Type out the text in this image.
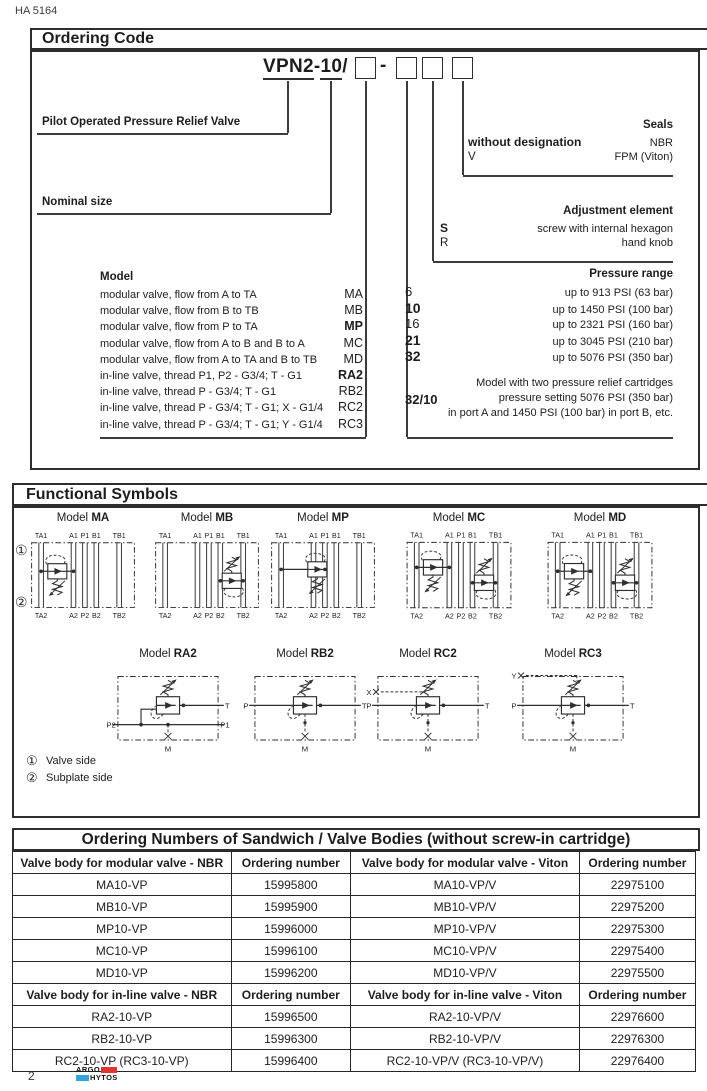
HA 5164
Ordering Code
VPN2-10/ -
Pilot Operated Pressure Relief Valve
Nominal size
Seals
without designation	NBR
V	FPM (Viton)
Adjustment element
S	screw with internal hexagon
R	hand knob
Pressure range
6	up to 913 PSI (63 bar)
10	up to 1450 PSI (100 bar)
16	up to 2321 PSI (160 bar)
21	up to 3045 PSI (210 bar)
32	up to 5076 PSI (350 bar)
Model with two pressure relief cartridges
32/10	pressure setting 5076 PSI (350 bar)
in port A and 1450 PSI (100 bar) in port B, etc.
Model
modular valve, flow from A to TA	MA
modular valve, flow from B to TB	MB
modular valve, flow from P to TA	MP
modular valve, flow from A to B and B to A	MC
modular valve, flow from A to TA and B to TB MD
in-line valve, thread P1, P2 - G3/4; T - G1	RA2
in-line valve, thread P - G3/4; T - G1	RB2
in-line valve, thread P - G3/4; T - G1; X - G1/4 RC2
in-line valve, thread P - G3/4; T - G1; Y - G1/4 RC3
Functional Symbols
①
②
Model MA
TA1
TA2
A1
A2
P1
P2
B1
B2
TB1
TB2
Model MB
TA1
TA2
A1
A2
P1
P2
B1
B2
TB1
TB2
Model MP
TA1
TA2
A1
A2
P1
P2
B1
B2
TB1
TB2
Model MC
TA1
TA2
A1
A2
P1
P2
B1
B2
TB1
TB2
Model MD
TA1
TA2
A1
A2
P1
P2
B1
B2
TB1
TB2
Model RA2
T
P2	P1
M
Model RB2
P	T
M
Model RC2
P	T
M
X
Model RC3
P	T
M
Y
① Valve side
② Subplate side
Ordering Numbers of Sandwich / Valve Bodies (without screw-in cartridge)
Valve body for modular valve - NBR	Ordering number	Valve body for modular valve - Viton	Ordering number
MA10-VP	15995800	MA10-VP/V	22975100
MB10-VP	15995900	MB10-VP/V	22975200
MP10-VP	15996000	MP10-VP/V	22975300
MC10-VP	15996100	MC10-VP/V	22975400
MD10-VP	15996200	MD10-VP/V	22975500
Valve body for in-line valve - NBR	Ordering number	Valve body for in-line valve - Viton	Ordering number
RA2-10-VP	15996500	RA2-10-VP/V	22976600
RB2-10-VP	15996300	RB2-10-VP/V	22976300
RC2-10-VP (RC3-10-VP)	15996400	RC2-10-VP/V (RC3-10-VP/V)	22976400
2	ARGO
HYTOS
